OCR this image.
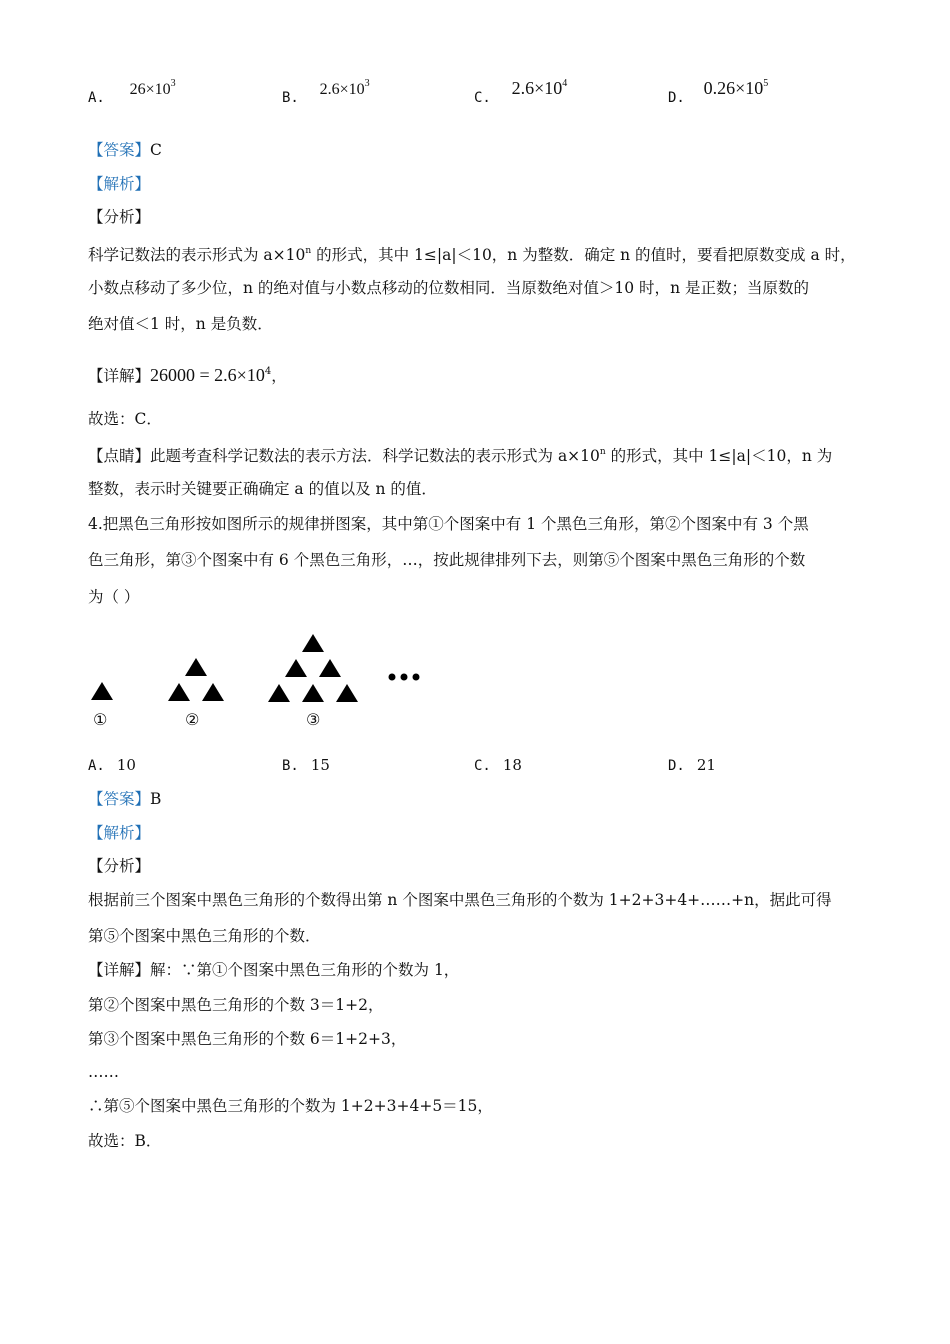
A. $26\times 10^3$
B. $2.6\times 10^3$
C. $2.6\times 10^4$
D. $0.26\times 10^5$
【答案】C
【解析】
【分析】
科学记数法的表示形式为 $a\times 10^n$ 的形式，其中 1≤|a|＜10，n 为整数．确定 n 的值时，要看把原数变成 a 时，
小数点移动了多少位，n 的绝对值与小数点移动的位数相同．当原数绝对值＞10 时，n 是正数；当原数的
绝对值＜1 时，n 是负数．
【详解】$26000 = 2.6\times 10^4$，
故选：C．
【点睛】此题考查科学记数法的表示方法．科学记数法的表示形式为 $a\times 10^n$ 的形式，其中 1≤|a|＜10，n 为
整数，表示时关键要正确确定 a 的值以及 n 的值．
4.把黑色三角形按如图所示的规律拼图案，其中第①个图案中有 1 个黑色三角形，第②个图案中有 3 个黑
色三角形，第③个图案中有 6 个黑色三角形，…，按此规律排列下去，则第⑤个图案中黑色三角形的个数
为（ ）
①	②	③
A. 10	B. 15	C. 18	D. 21
【答案】B
【解析】
【分析】
根据前三个图案中黑色三角形的个数得出第 n 个图案中黑色三角形的个数为 1+2+3+4+……+n，据此可得
第⑤个图案中黑色三角形的个数．
【详解】解：∵第①个图案中黑色三角形的个数为 1，
第②个图案中黑色三角形的个数 3＝1+2，
第③个图案中黑色三角形的个数 6＝1+2+3，
……
∴第⑤个图案中黑色三角形的个数为 1+2+3+4+5＝15，
故选：B．
